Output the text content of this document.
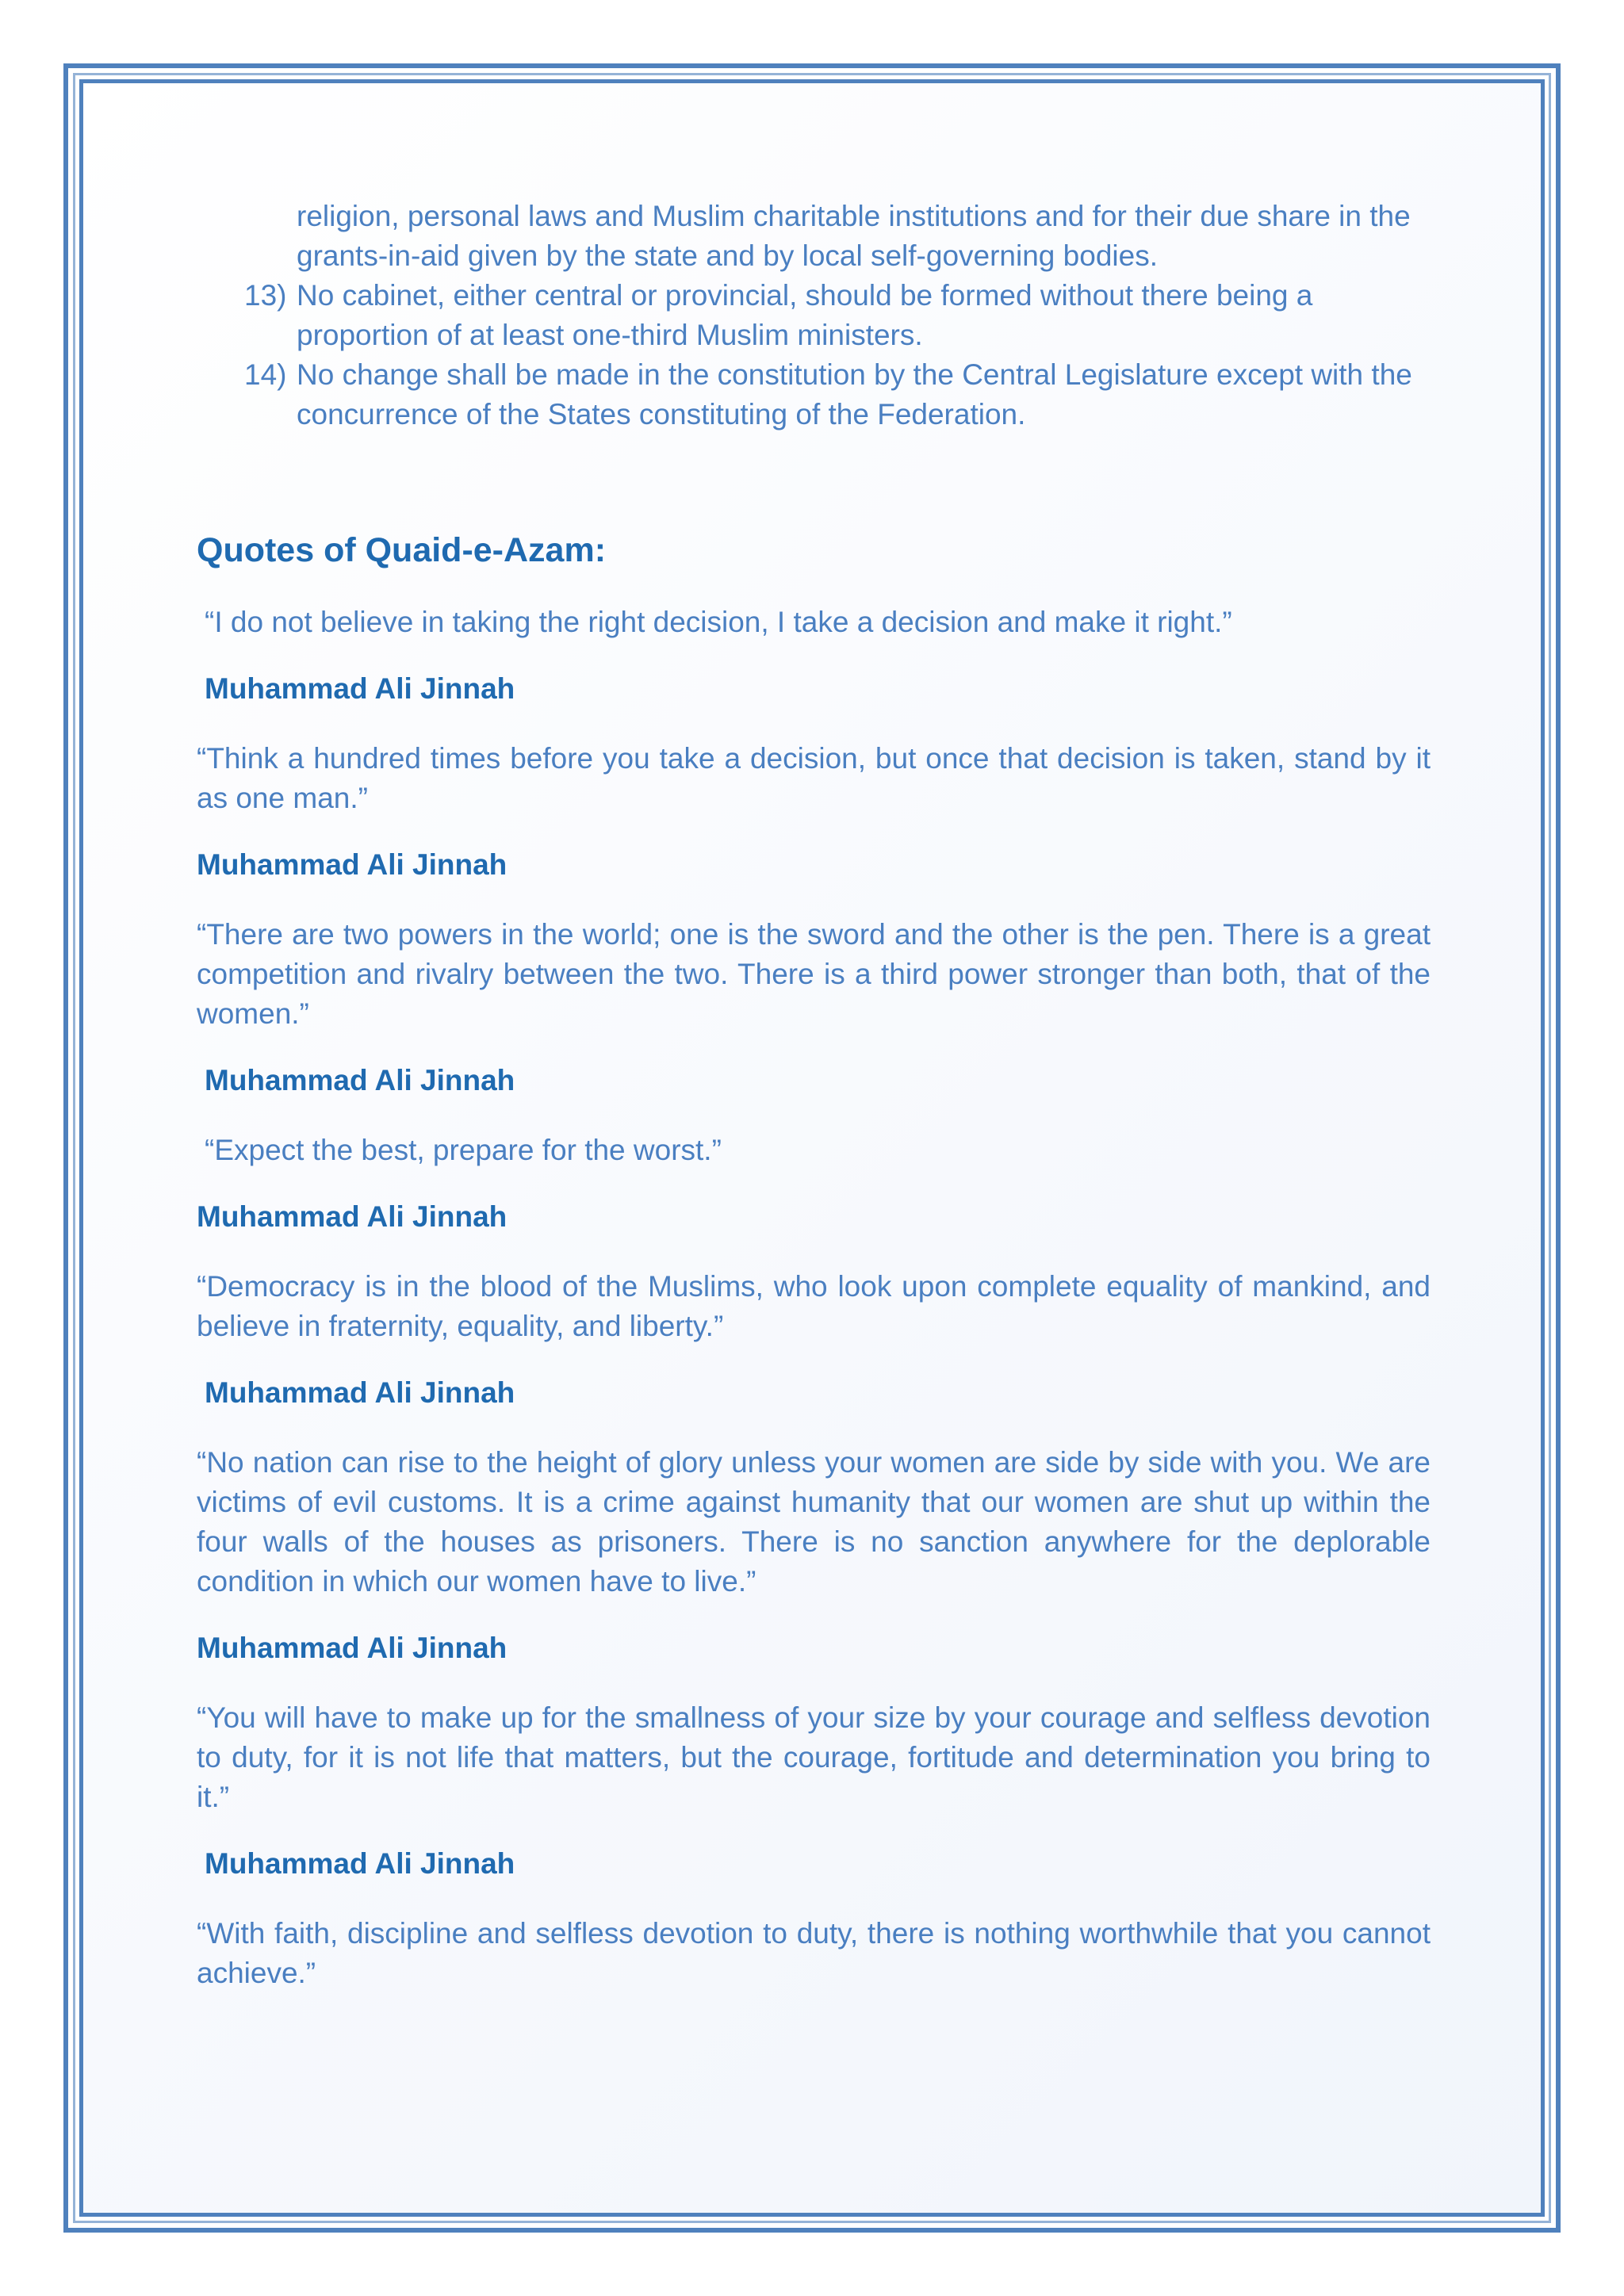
religion, personal laws and Muslim charitable institutions and for their due share in the grants-in-aid given by the state and by local self-governing bodies.
13) No cabinet, either central or provincial, should be formed without there being a proportion of at least one-third Muslim ministers.
14) No change shall be made in the constitution by the Central Legislature except with the concurrence of the States constituting of the Federation.
Quotes of Quaid-e-Azam:

“I do not believe in taking the right decision, I take a decision and make it right.”

Muhammad Ali Jinnah

“Think a hundred times before you take a decision, but once that decision is taken, stand by it as one man.”

Muhammad Ali Jinnah

“There are two powers in the world; one is the sword and the other is the pen. There is a great competition and rivalry between the two. There is a third power stronger than both, that of the women.”

Muhammad Ali Jinnah

“Expect the best, prepare for the worst.”

Muhammad Ali Jinnah

“Democracy is in the blood of the Muslims, who look upon complete equality of mankind, and believe in fraternity, equality, and liberty.”

Muhammad Ali Jinnah

“No nation can rise to the height of glory unless your women are side by side with you. We are victims of evil customs. It is a crime against humanity that our women are shut up within the four walls of the houses as prisoners. There is no sanction anywhere for the deplorable condition in which our women have to live.”

Muhammad Ali Jinnah

“You will have to make up for the smallness of your size by your courage and selfless devotion to duty, for it is not life that matters, but the courage, fortitude and determination you bring to it.”

Muhammad Ali Jinnah

“With faith, discipline and selfless devotion to duty, there is nothing worthwhile that you cannot achieve.”
